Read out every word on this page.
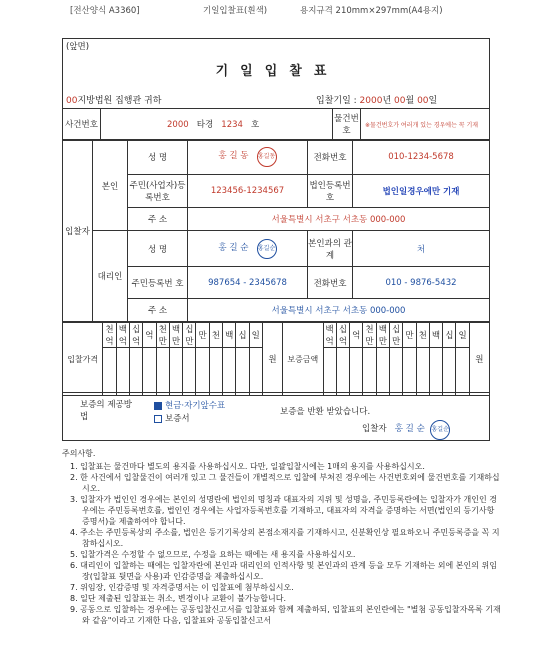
[전산양식 A3360]	기일입찰표(흰색)	용지규격 210mm×297mm(A4용지)
(앞면)
기일입찰표
00지방법원 집행관 귀하	입찰기일 : 2000년 00월 00일
사건번호	2000 타경 1234 호	물건번호	※물건번호가 여러개 있는 경우에는 꼭 기재
입찰자	본인	성 명	홍 길 동 홍길동	전화번호	010-1234-5678
		주민(사업자)등록번호	123456-1234567	법인등록번호	법인일경우에만 기재
		주 소	서울특별시 서초구 서초동 000-000		
	대리인	성 명	홍 길 순 홍길순	본인과의 관 계	처
		주민등록번 호	987654 - 2345678	전화번호	010 - 9876-5432
		주 소	서울특별시 서초구 서초동 000-000		
입찰가격	천억	백억	십억	억	천만	백만	십만	만	천	백	십	일	원	보증금액	백억	십억	억	천만	백만	십만	만	천	백	십	일	원

보증의 제공방법
현금·자기앞수표
보증서
보증을 반환 받았습니다.
입찰자 홍 길 순 홍길순
주의사항.
1. 입찰표는 물건마다 별도의 용지를 사용하십시오. 다만, 일괄입찰시에는 1매의 용지를 사용하십시오.
2. 한 사건에서 입찰물건이 여러개 있고 그 물건들이 개별적으로 입찰에 부쳐진 경우에는 사건번호외에 물건번호를 기재하십시오.
3. 입찰자가 법인인 경우에는 본인의 성명란에 법인의 명칭과 대표자의 지위 및 성명을, 주민등록란에는 입찰자가 개인인 경우에는 주민등록번호를, 법인인 경우에는 사업자등록번호를 기재하고, 대표자의 자격을 증명하는 서면(법인의 등기사항증명서)을 제출하여야 합니다.
4. 주소는 주민등록상의 주소를, 법인은 등기기록상의 본점소재지를 기재하시고, 신분확인상 필요하오니 주민등록증을 꼭 지참하십시오.
5. 입찰가격은 수정할 수 없으므로, 수정을 요하는 때에는 새 용지를 사용하십시오.
6. 대리인이 입찰하는 때에는 입찰자란에 본인과 대리인의 인적사항 및 본인과의 관계 등을 모두 기재하는 외에 본인의 위임장(입찰표 뒷면을 사용)과 인감증명을 제출하십시오.
7. 위임장, 인감증명 및 자격증명서는 이 입찰표에 첨부하십시오.
8. 일단 제출된 입찰표는 취소, 변경이나 교환이 불가능합니다.
9. 공동으로 입찰하는 경우에는 공동입찰신고서를 입찰표와 함께 제출하되, 입찰표의 본인란에는 "별첨 공동입찰자목록 기재와 같음"이라고 기재한 다음, 입찰표와 공동입찰신고서
